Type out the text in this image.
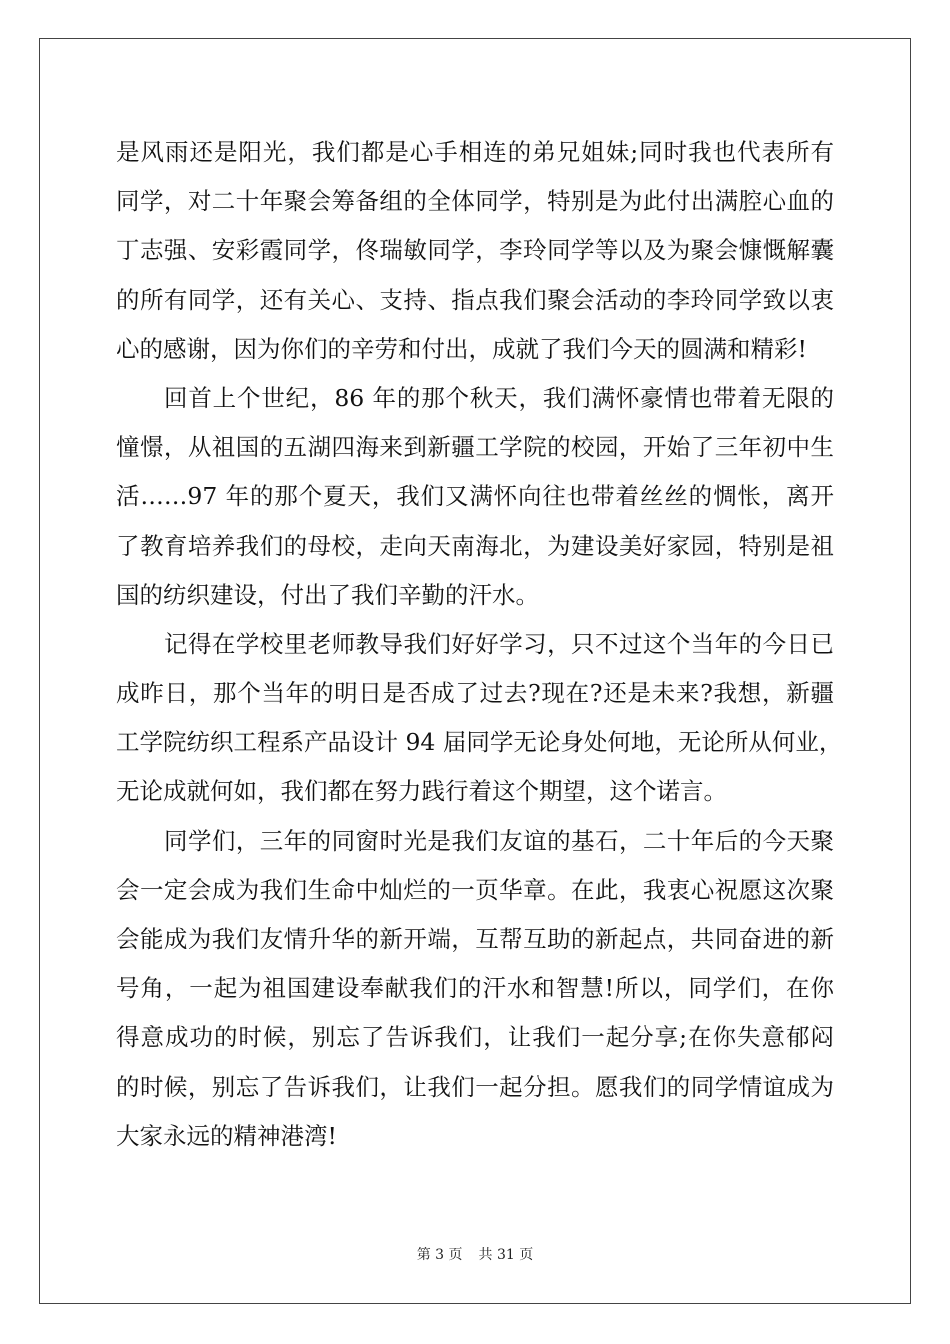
是风雨还是阳光，我们都是心手相连的弟兄姐妹;同时我也代表所有
同学，对二十年聚会筹备组的全体同学，特别是为此付出满腔心血的
丁志强、安彩霞同学，佟瑞敏同学，李玲同学等以及为聚会慷慨解囊
的所有同学，还有关心、支持、指点我们聚会活动的李玲同学致以衷
心的感谢，因为你们的辛劳和付出，成就了我们今天的圆满和精彩!
回首上个世纪，86 年的那个秋天，我们满怀豪情也带着无限的
憧憬，从祖国的五湖四海来到新疆工学院的校园，开始了三年初中生
活……97 年的那个夏天，我们又满怀向往也带着丝丝的惆怅，离开
了教育培养我们的母校，走向天南海北，为建设美好家园，特别是祖
国的纺织建设，付出了我们辛勤的汗水。
记得在学校里老师教导我们好好学习，只不过这个当年的今日已
成昨日，那个当年的明日是否成了过去?现在?还是未来?我想，新疆
工学院纺织工程系产品设计 94 届同学无论身处何地，无论所从何业，
无论成就何如，我们都在努力践行着这个期望，这个诺言。
同学们，三年的同窗时光是我们友谊的基石，二十年后的今天聚
会一定会成为我们生命中灿烂的一页华章。在此，我衷心祝愿这次聚
会能成为我们友情升华的新开端，互帮互助的新起点，共同奋进的新
号角，一起为祖国建设奉献我们的汗水和智慧!所以，同学们，在你
得意成功的时候，别忘了告诉我们，让我们一起分享;在你失意郁闷
的时候，别忘了告诉我们，让我们一起分担。愿我们的同学情谊成为
大家永远的精神港湾!
第 3 页 共 31 页
